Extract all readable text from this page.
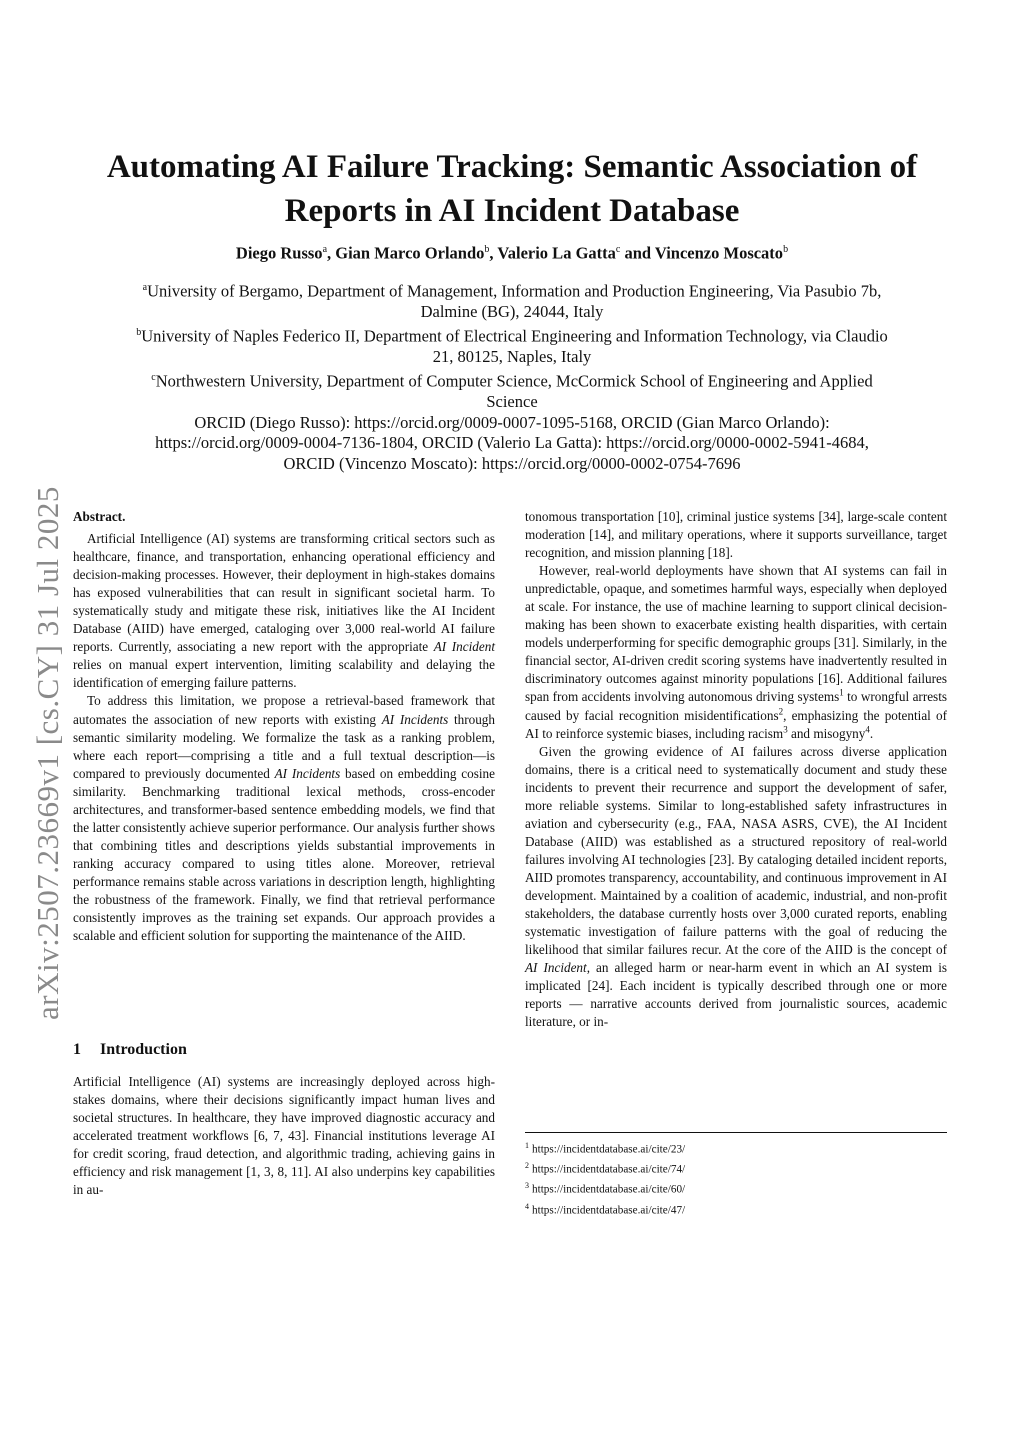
arXiv:2507.23669v1 [cs.CY] 31 Jul 2025
Automating AI Failure Tracking: Semantic Association of
Reports in AI Incident Database
Diego Russo$^a$, Gian Marco Orlando$^b$, Valerio La Gatta$^c$ and Vincenzo Moscato$^b$
$^a$University of Bergamo, Department of Management, Information and Production Engineering, Via Pasubio 7b,
Dalmine (BG), 24044, Italy
$^b$University of Naples Federico II, Department of Electrical Engineering and Information Technology, via Claudio
21, 80125, Naples, Italy
$^c$Northwestern University, Department of Computer Science, McCormick School of Engineering and Applied
Science
ORCID (Diego Russo): https://orcid.org/0009-0007-1095-5168, ORCID (Gian Marco Orlando):
https://orcid.org/0009-0004-7136-1804, ORCID (Valerio La Gatta): https://orcid.org/0000-0002-5941-4684,
ORCID (Vincenzo Moscato): https://orcid.org/0000-0002-0754-7696
Abstract.

Artificial Intelligence (AI) systems are transforming critical sectors such as healthcare, finance, and transportation, enhancing operational efficiency and decision-making processes. However, their deployment in high-stakes domains has exposed vulnerabilities that can result in significant societal harm. To systematically study and mitigate these risk, initiatives like the AI Incident Database (AIID) have emerged, cataloging over 3,000 real-world AI failure reports. Currently, associating a new report with the appropriate AI Incident relies on manual expert intervention, limiting scalability and delaying the identification of emerging failure patterns.

To address this limitation, we propose a retrieval-based framework that automates the association of new reports with existing AI Incidents through semantic similarity modeling. We formalize the task as a ranking problem, where each report—comprising a title and a full textual description—is compared to previously documented AI Incidents based on embedding cosine similarity. Benchmarking traditional lexical methods, cross-encoder architectures, and transformer-based sentence embedding models, we find that the latter consistently achieve superior performance. Our analysis further shows that combining titles and descriptions yields substantial improvements in ranking accuracy compared to using titles alone. Moreover, retrieval performance remains stable across variations in description length, highlighting the robustness of the framework. Finally, we find that retrieval performance consistently improves as the training set expands. Our approach provides a scalable and efficient solution for supporting the maintenance of the AIID.

1 Introduction

Artificial Intelligence (AI) systems are increasingly deployed across high-stakes domains, where their decisions significantly impact human lives and societal structures. In healthcare, they have improved diagnostic accuracy and accelerated treatment workflows [6, 7, 43]. Financial institutions leverage AI for credit scoring, fraud detection, and algorithmic trading, achieving gains in efficiency and risk management [1, 3, 8, 11]. AI also underpins key capabilities in au-

tonomous transportation [10], criminal justice systems [34], large-scale content moderation [14], and military operations, where it supports surveillance, target recognition, and mission planning [18].

However, real-world deployments have shown that AI systems can fail in unpredictable, opaque, and sometimes harmful ways, especially when deployed at scale. For instance, the use of machine learning to support clinical decision-making has been shown to exacerbate existing health disparities, with certain models underperforming for specific demographic groups [31]. Similarly, in the financial sector, AI-driven credit scoring systems have inadvertently resulted in discriminatory outcomes against minority populations [16]. Additional failures span from accidents involving autonomous driving systems$^1$ to wrongful arrests caused by facial recognition misidentifications$^2$, emphasizing the potential of AI to reinforce systemic biases, including racism$^3$ and misogyny$^4$.

Given the growing evidence of AI failures across diverse application domains, there is a critical need to systematically document and study these incidents to prevent their recurrence and support the development of safer, more reliable systems. Similar to long-established safety infrastructures in aviation and cybersecurity (e.g., FAA, NASA ASRS, CVE), the AI Incident Database (AIID) was established as a structured repository of real-world failures involving AI technologies [23]. By cataloging detailed incident reports, AIID promotes transparency, accountability, and continuous improvement in AI development. Maintained by a coalition of academic, industrial, and non-profit stakeholders, the database currently hosts over 3,000 curated reports, enabling systematic investigation of failure patterns with the goal of reducing the likelihood that similar failures recur. At the core of the AIID is the concept of AI Incident, an alleged harm or near-harm event in which an AI system is implicated [24]. Each incident is typically described through one or more reports — narrative accounts derived from journalistic sources, academic literature, or in-

$^1$ https://incidentdatabase.ai/cite/23/
$^2$ https://incidentdatabase.ai/cite/74/
$^3$ https://incidentdatabase.ai/cite/60/
$^4$ https://incidentdatabase.ai/cite/47/
